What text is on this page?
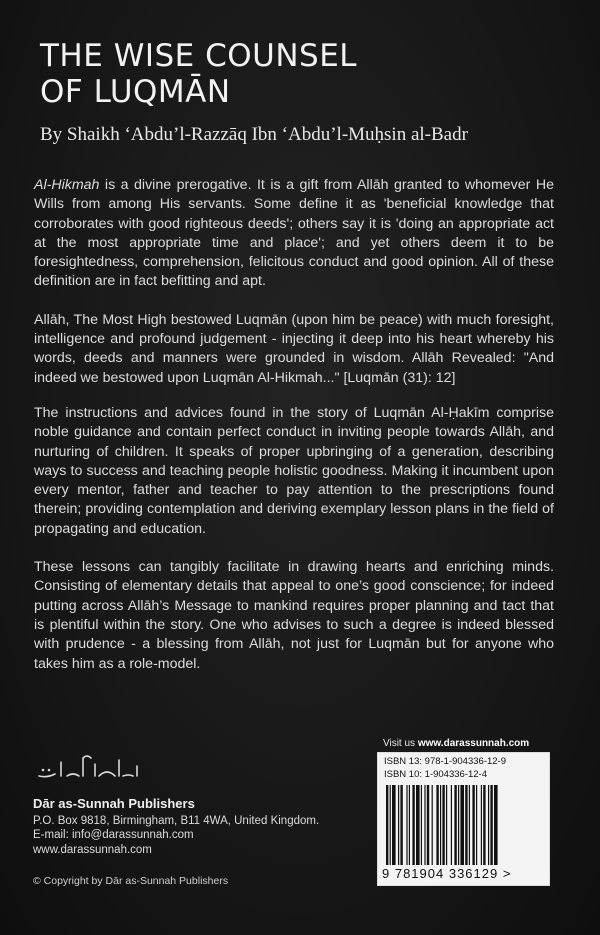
THE WISE COUNSEL
OF LUQMĀN
By Shaikh ‘Abdu’l-Razzāq Ibn ‘Abdu’l-Muḥsin al-Badr

Al-Hikmah is a divine prerogative. It is a gift from Allāh granted to whomever He Wills from among His servants. Some define it as 'beneficial knowledge that corroborates with good righteous deeds'; others say it is 'doing an appropriate act at the most appropriate time and place'; and yet others deem it to be foresightedness, comprehension, felicitous conduct and good opinion. All of these definition are in fact befitting and apt.

Allāh, The Most High bestowed Luqmān (upon him be peace) with much foresight, intelligence and profound judgement - injecting it deep into his heart whereby his words, deeds and manners were grounded in wisdom. Allāh Revealed: "And indeed we bestowed upon Luqmān Al-Hikmah..." [Luqmān (31): 12]

The instructions and advices found in the story of Luqmān Al-Ḥakīm comprise noble guidance and contain perfect conduct in inviting people towards Allāh, and nurturing of children. It speaks of proper upbringing of a generation, describing ways to success and teaching people holistic goodness. Making it incumbent upon every mentor, father and teacher to pay attention to the prescriptions found therein; providing contemplation and deriving exemplary lesson plans in the field of propagating and education.

These lessons can tangibly facilitate in drawing hearts and enriching minds. Consisting of elementary details that appeal to one’s good conscience; for indeed putting across Allāh’s Message to mankind requires proper planning and tact that is plentiful within the story. One who advises to such a degree is indeed blessed with prudence - a blessing from Allāh, not just for Luqmān but for anyone who takes him as a role-model.

Dār as-Sunnah Publishers
P.O. Box 9818, Birmingham, B11 4WA, United Kingdom.
E-mail: info@darassunnah.com
www.darassunnah.com
© Copyright by Dār as-Sunnah Publishers
Visit us www.darassunnah.com
ISBN 13: 978-1-904336-12-9
ISBN 10: 1-904336-12-4
9 781904 336129 >
